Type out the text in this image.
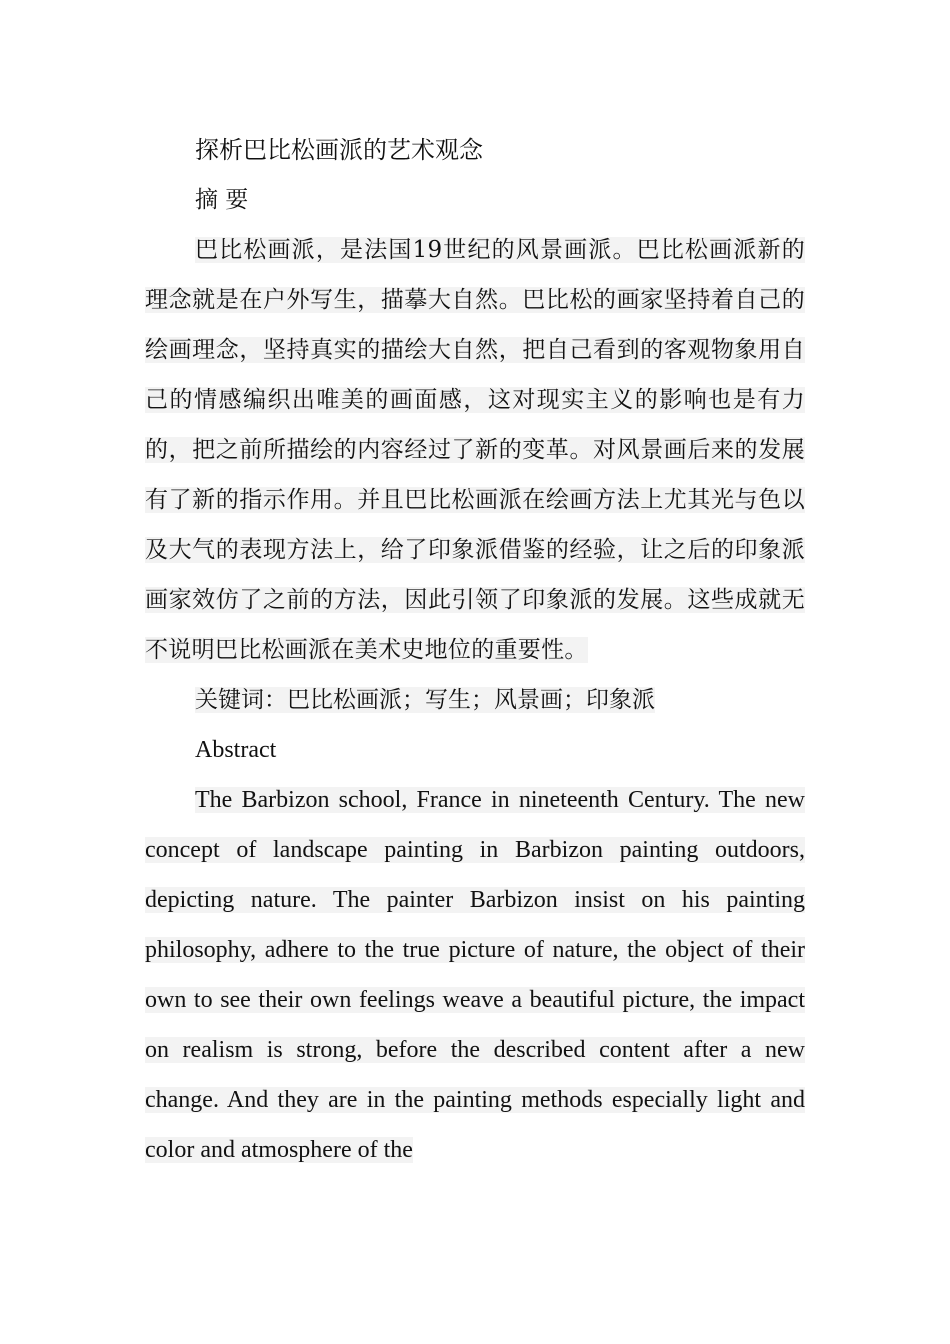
探析巴比松画派的艺术观念
摘 要

巴比松画派，是法国19世纪的风景画派。巴比松画派新的理念就是在户外写生，描摹大自然。巴比松的画家坚持着自己的绘画理念，坚持真实的描绘大自然，把自己看到的客观物象用自己的情感编织出唯美的画面感，这对现实主义的影响也是有力的，把之前所描绘的内容经过了新的变革。对风景画后来的发展有了新的指示作用。并且巴比松画派在绘画方法上尤其光与色以及大气的表现方法上，给了印象派借鉴的经验，让之后的印象派画家效仿了之前的方法，因此引领了印象派的发展。这些成就无不说明巴比松画派在美术史地位的重要性。

关键词：巴比松画派；写生；风景画；印象派

Abstract

The Barbizon school, France in nineteenth Century. The new concept of landscape painting in Barbizon painting outdoors, depicting nature. The painter Barbizon insist on his painting philosophy, adhere to the true picture of nature, the object of their own to see their own feelings weave a beautiful picture, the impact on realism is strong, before the described content after a new change. And they are in the painting methods especially light and color and atmosphere of the
